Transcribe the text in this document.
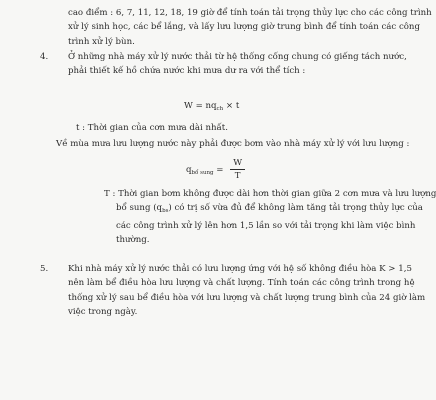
cao điểm : 6, 7, 11, 12, 18, 19 giờ để tính toán tải trọng thủy lực cho các công trình
xử lý sinh học, các bể lắng, và lấy lưu lượng giờ trung bình để tính toán các công
trình xử lý bùn.
4. Ở những nhà máy xử lý nước thải từ hệ thống cống chung có giếng tách nước,
phải thiết kế hồ chứa nước khi mưa dư ra với thể tích :
$W = nq_{ch} \times t$
t : Thời gian của cơn mưa dài nhất.
Về mùa mưa lưu lượng nước này phải được bơm vào nhà máy xử lý với lưu lượng :
$q_{bổ sung} = \frac{W}{T}$
T : Thời gian bơm không được dài hơn thời gian giữa 2 cơn mưa và lưu lượng
bổ sung $(q_{bs})$ có trị số vừa đủ để không làm tăng tải trọng thủy lực của
các công trình xử lý lên hơn 1,5 lần so với tải trọng khi làm việc bình
thường.
5. Khi nhà máy xử lý nước thải có lưu lượng ứng với hệ số không điều hòa K > 1,5
nên làm bể điều hòa lưu lượng và chất lượng. Tính toán các công trình trong hệ
thống xử lý sau bể điều hòa với lưu lượng và chất lượng trung bình của 24 giờ làm
việc trong ngày.
